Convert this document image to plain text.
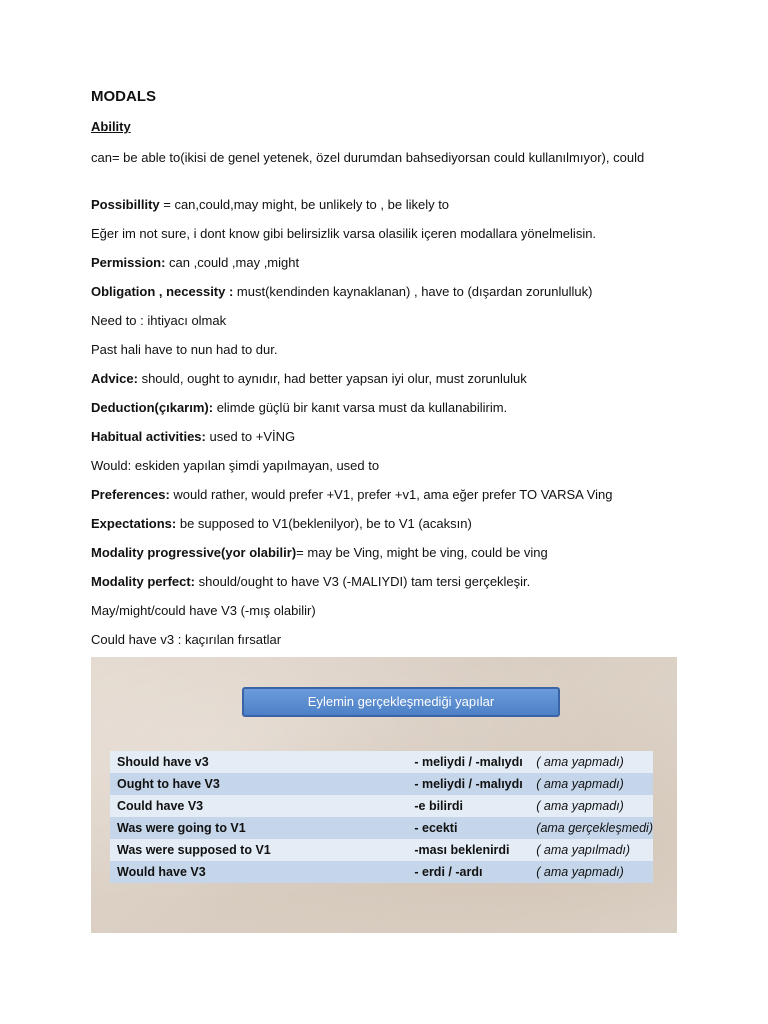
MODALS
Ability
can= be able to(ikisi de genel yetenek, özel durumdan bahsediyorsan could kullanılmıyor), could
Possibillity = can,could,may might, be unlikely to , be likely to
Eğer im not sure, i dont know gibi belirsizlik varsa olasilik içeren modallara yönelmelisin.
Permission: can ,could ,may ,might
Obligation , necessity : must(kendinden kaynaklanan) , have to (dışardan zorunlulluk)
Need to : ihtiyacı olmak
Past hali have to nun had to dur.
Advice: should, ought to aynıdır, had better yapsan iyi olur, must zorunluluk
Deduction(çıkarım): elimde güçlü bir kanıt varsa must da kullanabilirim.
Habitual activities: used to +VİNG
Would: eskiden yapılan şimdi yapılmayan, used to
Preferences: would rather, would prefer +V1, prefer +v1, ama eğer prefer TO VARSA Ving
Expectations: be supposed to V1(beklenilyor), be to V1 (acaksın)
Modality progressive(yor olabilir)= may be Ving, might be ving, could be ving
Modality perfect: should/ought to have V3 (-MALIYDI) tam tersi gerçekleşir.
May/might/could have V3 (-mış olabilir)
Could have v3 : kaçırılan fırsatlar
Eylemin gerçekleşmediği yapılar
Should have v3	- meliydi / -malıydı	( ama yapmadı)
Ought to have V3	- meliydi / -malıydı	( ama yapmadı)
Could have V3	-e bilirdi	( ama yapmadı)
Was were going to V1	- ecekti	(ama gerçekleşmedi)
Was were supposed to V1	-ması beklenirdi	( ama yapılmadı)
Would have V3	- erdi / -ardı	( ama yapmadı)
